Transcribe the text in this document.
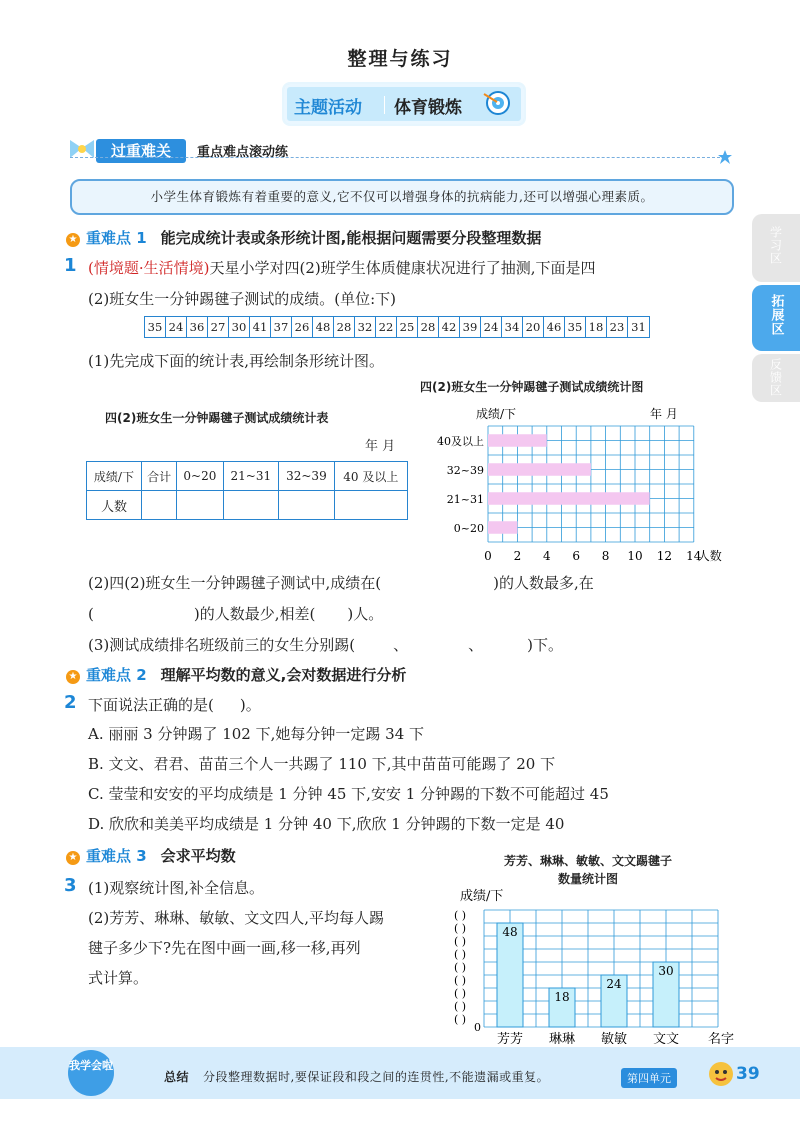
整理与练习
主题活动 体育锻炼
过重难关	重点难点滚动练
小学生体育锻炼有着重要的意义,它不仅可以增强身体的抗病能力,还可以增强心理素质。
学习区
拓展区
反馈区
★ 重难点 1 能完成统计表或条形统计图,能根据问题需要分段整理数据
1 (情境题·生活情境)天星小学对四(2)班学生体质健康状况进行了抽测,下面是四
(2)班女生一分钟踢毽子测试的成绩。(单位:下)
35 24 36 27 30 41 37 26 48 28 32 22 25 28 42 39 24 34 20 46 35 18 23 31
(1)先完成下面的统计表,再绘制条形统计图。
四(2)班女生一分钟踢毽子测试成绩统计表
年 月
成绩/下	合计	0~20	21~31	32~39	40 及以上
人数					
四(2)班女生一分钟踢毽子测试成绩统计图
成绩/下	年 月
40及以上
32~39
21~31
0~20
0 2 4 6 8 10 12 14
人数
(2)四(2)班女生一分钟踢毽子测试中,成绩在(	)的人数最多,在
(	)的人数最少,相差( )人。
(3)测试成绩排名班级前三的女生分别踢(	、	、	)下。
★ 重难点 2 理解平均数的意义,会对数据进行分析
2 下面说法正确的是( )。
A. 丽丽 3 分钟踢了 102 下,她每分钟一定踢 34 下
B. 文文、君君、苗苗三个人一共踢了 110 下,其中苗苗可能踢了 20 下
C. 莹莹和安安的平均成绩是 1 分钟 45 下,安安 1 分钟踢的下数不可能超过 45
D. 欣欣和美美平均成绩是 1 分钟 40 下,欣欣 1 分钟踢的下数一定是 40
★ 重难点 3 会求平均数
3 (1)观察统计图,补全信息。
(2)芳芳、琳琳、敏敏、文文四人,平均每人踢
毽子多少下?先在图中画一画,移一移,再列
式计算。
芳芳、琳琳、敏敏、文文踢毽子
数量统计图
成绩/下
( )
( )
( )
( )
( )
( )
( )
( )
( )
0
48
芳芳
18
琳琳
24
敏敏
30
文文 名字
我学会啦
总结 分段整理数据时,要保证段和段之间的连贯性,不能遗漏或重复。	第四单元	39
